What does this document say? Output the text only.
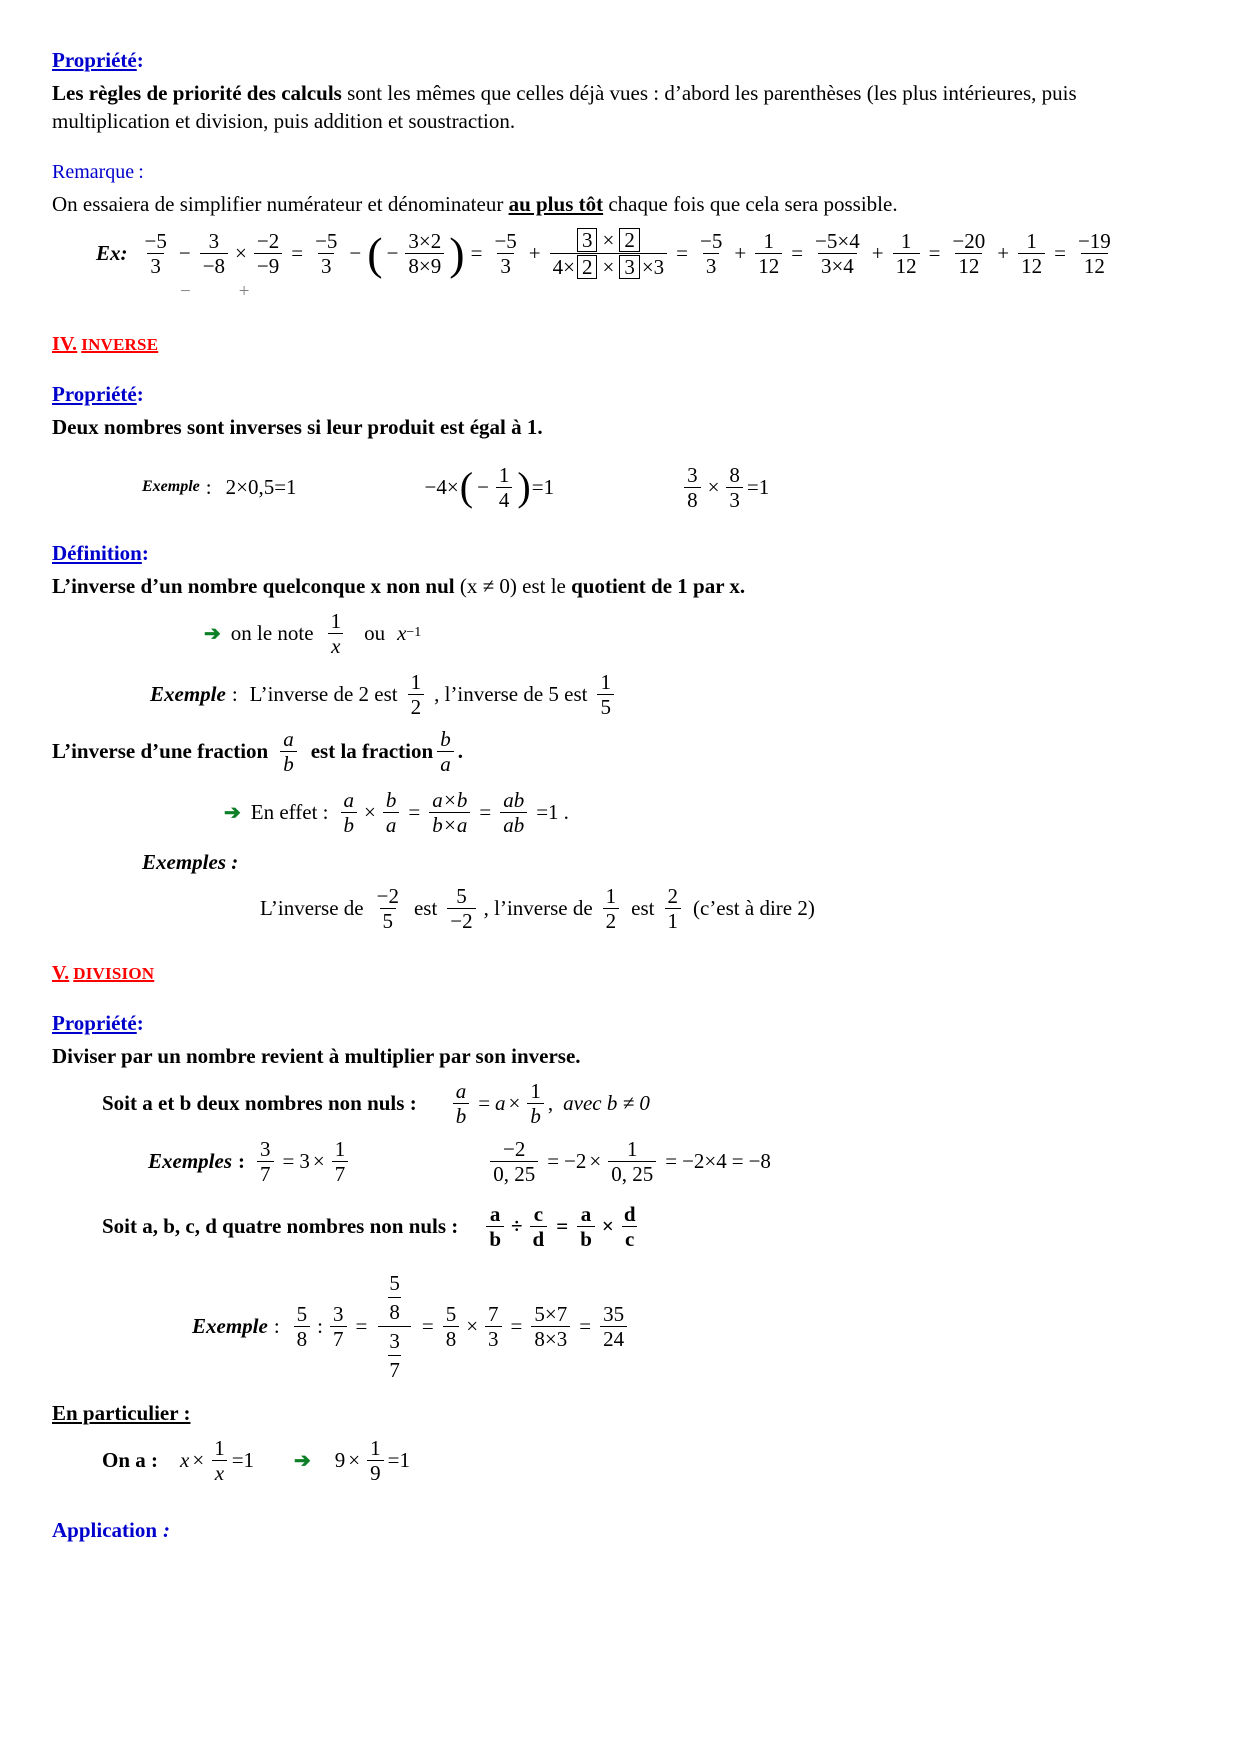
Propriété:
Les règles de priorité des calculs sont les mêmes que celles déjà vues : d’abord les parenthèses (les plus intérieures, puis multiplication et division, puis addition et soustraction.
Remarque :
On essaiera de simplifier numérateur et dénominateur au plus tôt chaque fois que cela sera possible.
Ex: $\frac{-5}{3} - \frac{3}{-8} \times \frac{-2}{-9} = \frac{-5}{3}$ − ( − $\frac{3\times 2}{8\times 9}$ ) = $\frac{-5}{3} + \frac{3 \times 2}{4\times 2 \times 3 \times 3} = \frac{-5}{3} + \frac{1}{12} = \frac{-5\times 4}{3\times 4} + \frac{1}{12} = \frac{-20}{12} + \frac{1}{12} = \frac{-19}{12}$
−	+
IV. INVERSE
Propriété:
Deux nombres sont inverses si leur produit est égal à 1.
Exemple : 2×0,5=1	−4× ( − $\frac{1}{4}$ ) =1	$\frac{3}{8} \times \frac{8}{3} =1$
Définition:
L’inverse d’un nombre quelconque x non nul (x ≠ 0) est le quotient de 1 par x.
➔ on le note $\frac{1}{x}$ ou x −1
Exemple : L’inverse de 2 est $\frac{1}{2}$ , l’inverse de 5 est $\frac{1}{5}$
L’inverse d’une fraction $\frac{a}{b}$ est la fraction $\frac{b}{a}$ .
➔ En effet : $\frac{a}{b} \times \frac{b}{a} = \frac{a\times b}{b\times a} = \frac{ab}{ab} =1$ .
Exemples :
L’inverse de $\frac{-2}{5}$ est $\frac{5}{-2}$ , l’inverse de $\frac{1}{2}$ est $\frac{2}{1}$ (c’est à dire 2)
V. DIVISION
Propriété:
Diviser par un nombre revient à multiplier par son inverse.
Soit a et b deux nombres non nuls : $\frac{a}{b} = a \times \frac{1}{b}$ , avec b ≠ 0
Exemples : $\frac{3}{7} = 3 \times \frac{1}{7}$	$\frac{-2}{0, 25} = -2 \times \frac{1}{0, 25} = -2\times 4 = -8$
Soit a, b, c, d quatre nombres non nuls : $\frac{a}{b} \div \frac{c}{d} = \frac{a}{b} \times \frac{d}{c}$
Exemple : $\frac{5}{8}$ : $\frac{3}{7} = \frac{\frac{5}{8}}{\frac{3}{7}} = \frac{5}{8} \times \frac{7}{3} = \frac{5\times 7}{8\times 3} = \frac{35}{24}$
En particulier :
On a : $x \times \frac{1}{x} =1$ ➔ $9 \times \frac{1}{9} =1$
Application :
